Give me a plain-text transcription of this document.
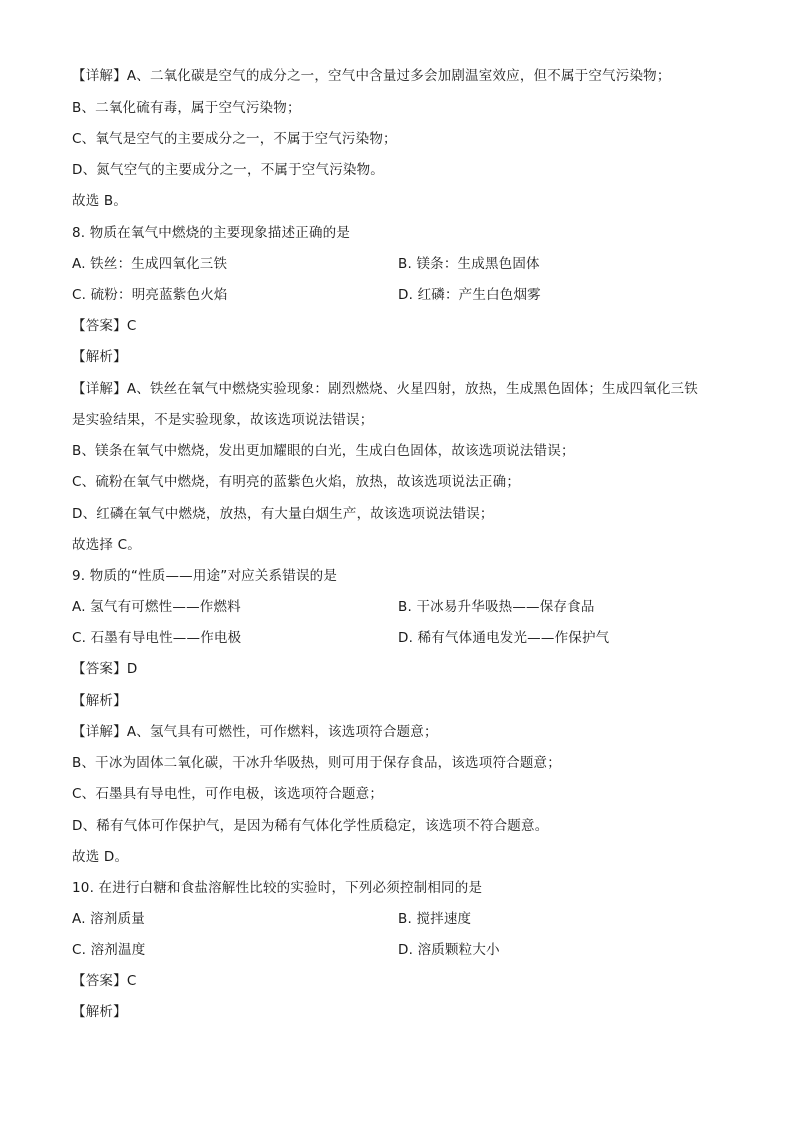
【详解】A、二氧化碳是空气的成分之一，空气中含量过多会加剧温室效应，但不属于空气污染物；
B、二氧化硫有毒，属于空气污染物；
C、氧气是空气的主要成分之一，不属于空气污染物；
D、氮气空气的主要成分之一，不属于空气污染物。
故选 B。
8. 物质在氧气中燃烧的主要现象描述正确的是
A. 铁丝：生成四氧化三铁	B. 镁条：生成黑色固体
C. 硫粉：明亮蓝紫色火焰	D. 红磷：产生白色烟雾
【答案】C
【解析】
【详解】A、铁丝在氧气中燃烧实验现象：剧烈燃烧、火星四射，放热，生成黑色固体；生成四氧化三铁
是实验结果，不是实验现象，故该选项说法错误；
B、镁条在氧气中燃烧，发出更加耀眼的白光，生成白色固体，故该选项说法错误；
C、硫粉在氧气中燃烧，有明亮的蓝紫色火焰，放热，故该选项说法正确；
D、红磷在氧气中燃烧，放热，有大量白烟生产，故该选项说法错误；
故选择 C。
9. 物质的“性质——用途”对应关系错误的是
A. 氢气有可燃性——作燃料	B. 干冰易升华吸热——保存食品
C. 石墨有导电性——作电极	D. 稀有气体通电发光——作保护气
【答案】D
【解析】
【详解】A、氢气具有可燃性，可作燃料，该选项符合题意；
B、干冰为固体二氧化碳，干冰升华吸热，则可用于保存食品，该选项符合题意；
C、石墨具有导电性，可作电极，该选项符合题意；
D、稀有气体可作保护气，是因为稀有气体化学性质稳定，该选项不符合题意。
故选 D。
10. 在进行白糖和食盐溶解性比较的实验时，下列必须控制相同的是
A. 溶剂质量	B. 搅拌速度
C. 溶剂温度	D. 溶质颗粒大小
【答案】C
【解析】
